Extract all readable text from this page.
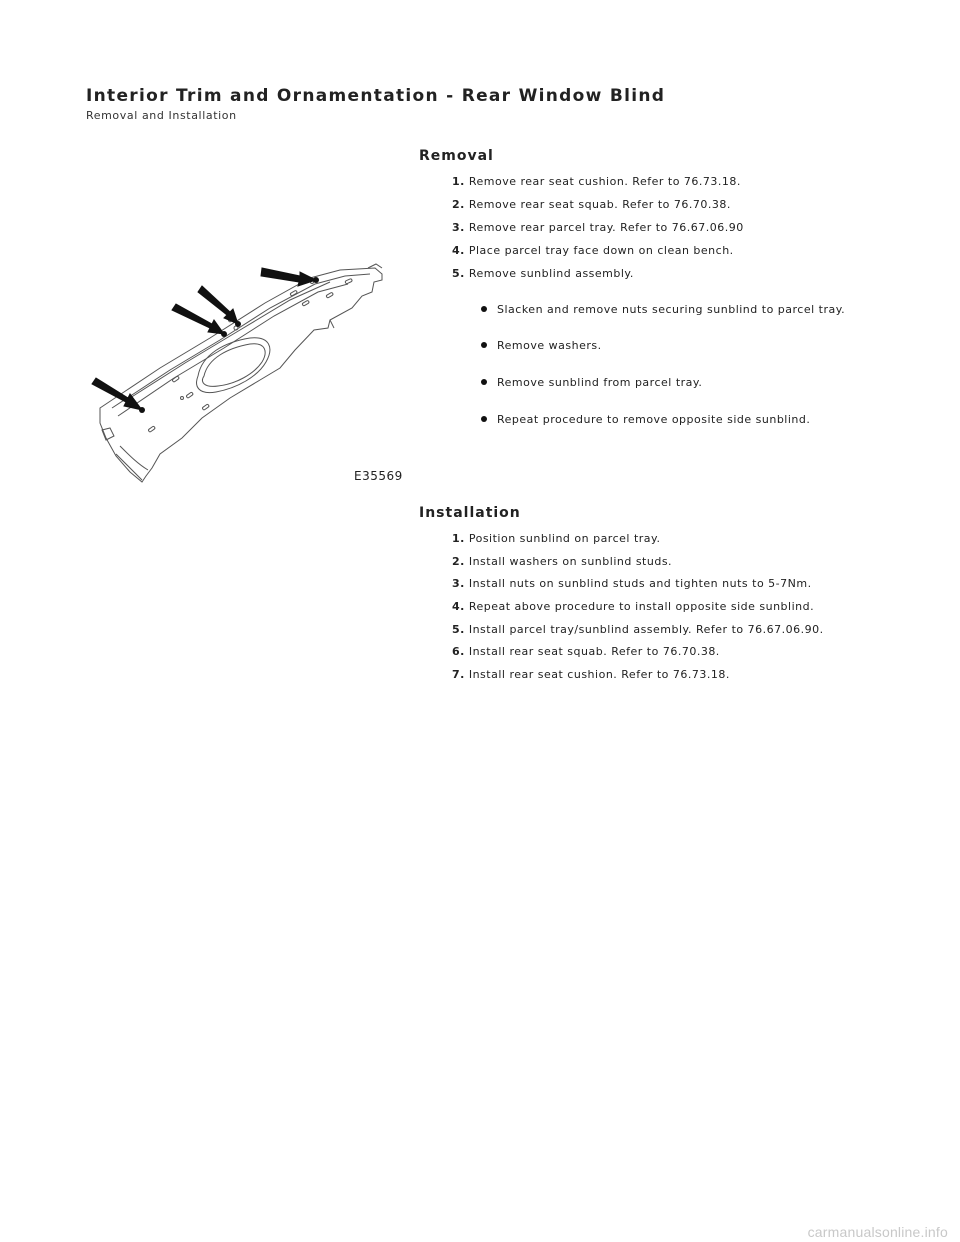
Interior Trim and Ornamentation - Rear Window Blind
Removal and Installation
Removal
1. Remove rear seat cushion. Refer to 76.73.18.
2. Remove rear seat squab. Refer to 76.70.38.
3. Remove rear parcel tray. Refer to 76.67.06.90
4. Place parcel tray face down on clean bench.
5. Remove sunblind assembly.
Slacken and remove nuts securing sunblind to parcel tray.
Remove washers.
Remove sunblind from parcel tray.
Repeat procedure to remove opposite side sunblind.
E35569
Installation
1. Position sunblind on parcel tray.
2. Install washers on sunblind studs.
3. Install nuts on sunblind studs and tighten nuts to 5-7Nm.
4. Repeat above procedure to install opposite side sunblind.
5. Install parcel tray/sunblind assembly. Refer to 76.67.06.90.
6. Install rear seat squab. Refer to 76.70.38.
7. Install rear seat cushion. Refer to 76.73.18.
carmanualsonline.info
